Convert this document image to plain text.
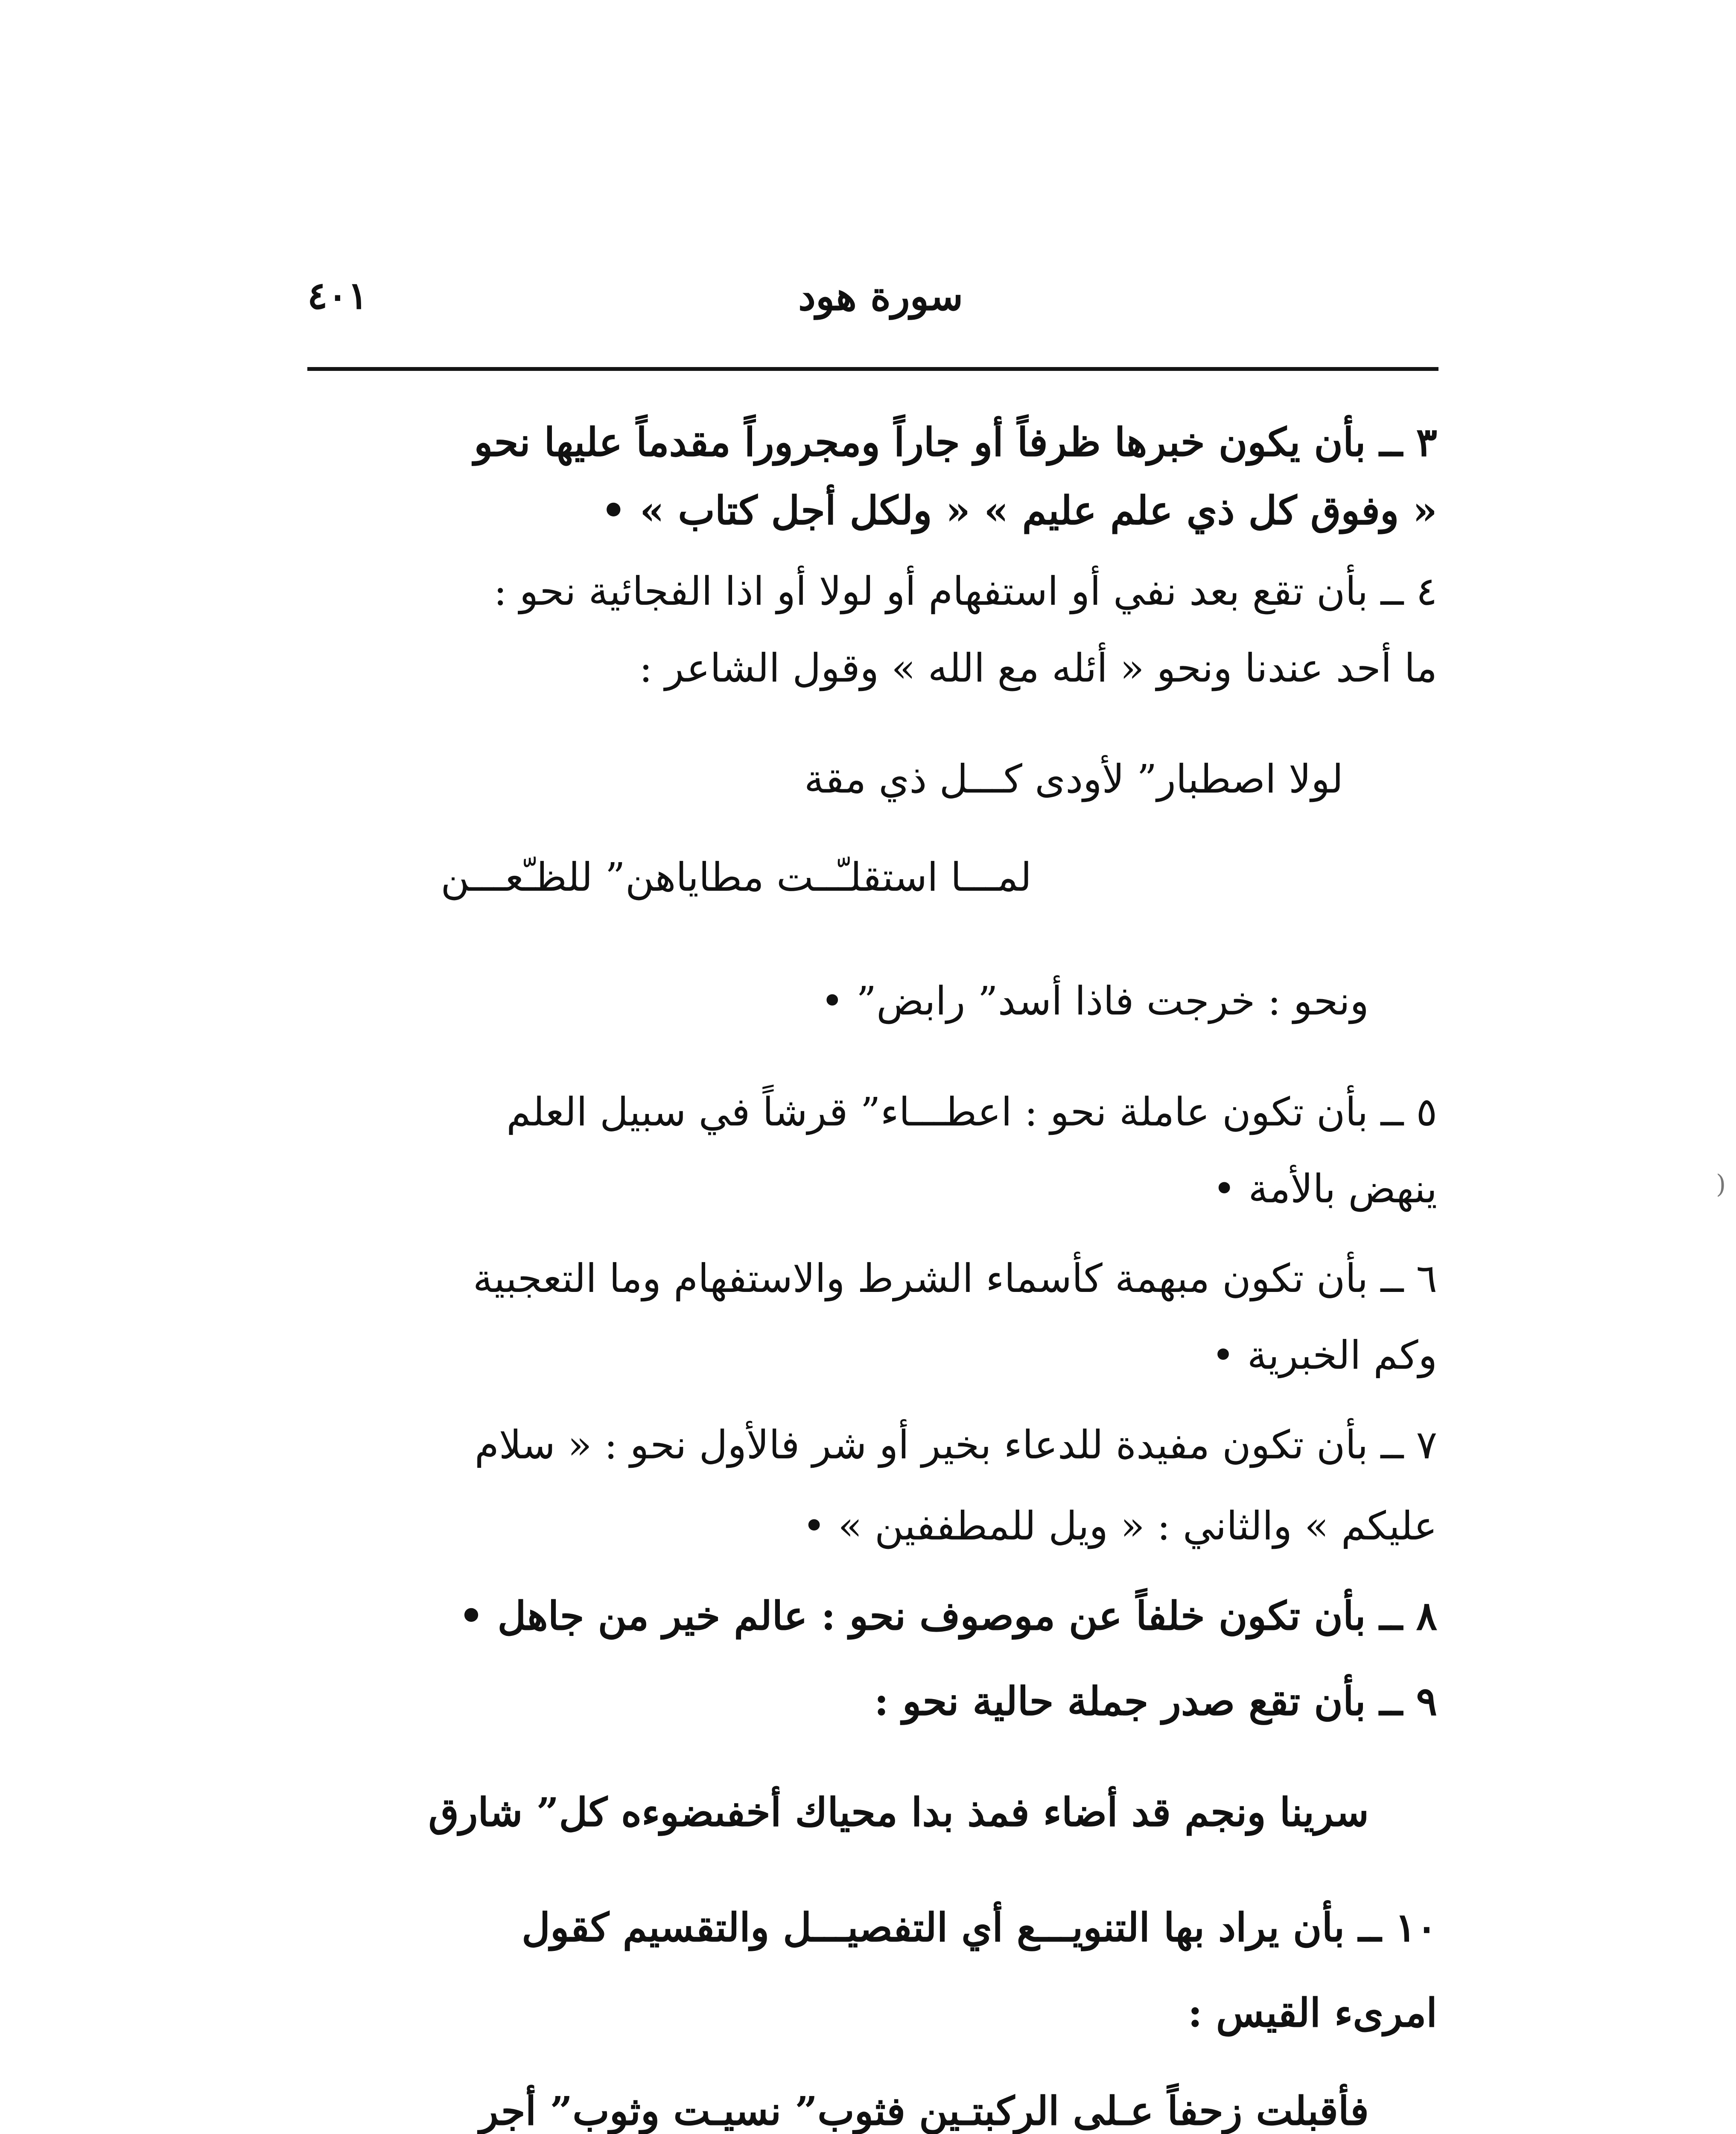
٤٠١	سورة هود
٣ ــ بأن يكون خبرها ظرفاً أو جاراً ومجروراً مقدماً عليها نحو
« وفوق كل ذي علم عليم » « ولكل أجل كتاب » •
٤ ــ بأن تقع بعد نفي أو استفهام أو لولا أو اذا الفجائية نحو :
ما أحد عندنا ونحو « أئله مع الله » وقول الشاعر :
لولا اصطبار” لأودى كـــل ذي مقة
لمـــا استقلـّــت مطاياهن” للظـّعـــن
ونحو : خرجت فاذا أسد” رابض” •
٥ ــ بأن تكون عاملة نحو : اعطـــاء” قرشاً في سبيل العلم
ينهض بالأمة •
٦ ــ بأن تكون مبهمة كأسماء الشرط والاستفهام وما التعجبية
وكم الخبرية •
٧ ــ بأن تكون مفيدة للدعاء بخير أو شر فالأول نحو : « سلام
عليكم » والثاني : « ويل للمطففين » •
٨ ــ بأن تكون خلفاً عن موصوف نحو : عالم خير من جاهل •
٩ ــ بأن تقع صدر جملة حالية نحو :
سرينا ونجم قد أضاء فمذ بدا محياك أخفىضوءه كل” شارق
١٠ ــ بأن يراد بها التنويـــع أي التفصيـــل والتقسيم كقول
امرىء القيس :
فأقبلت زحفاً عـلى الركبتـين فثوب” نسيـت وثوب” أجر
(
